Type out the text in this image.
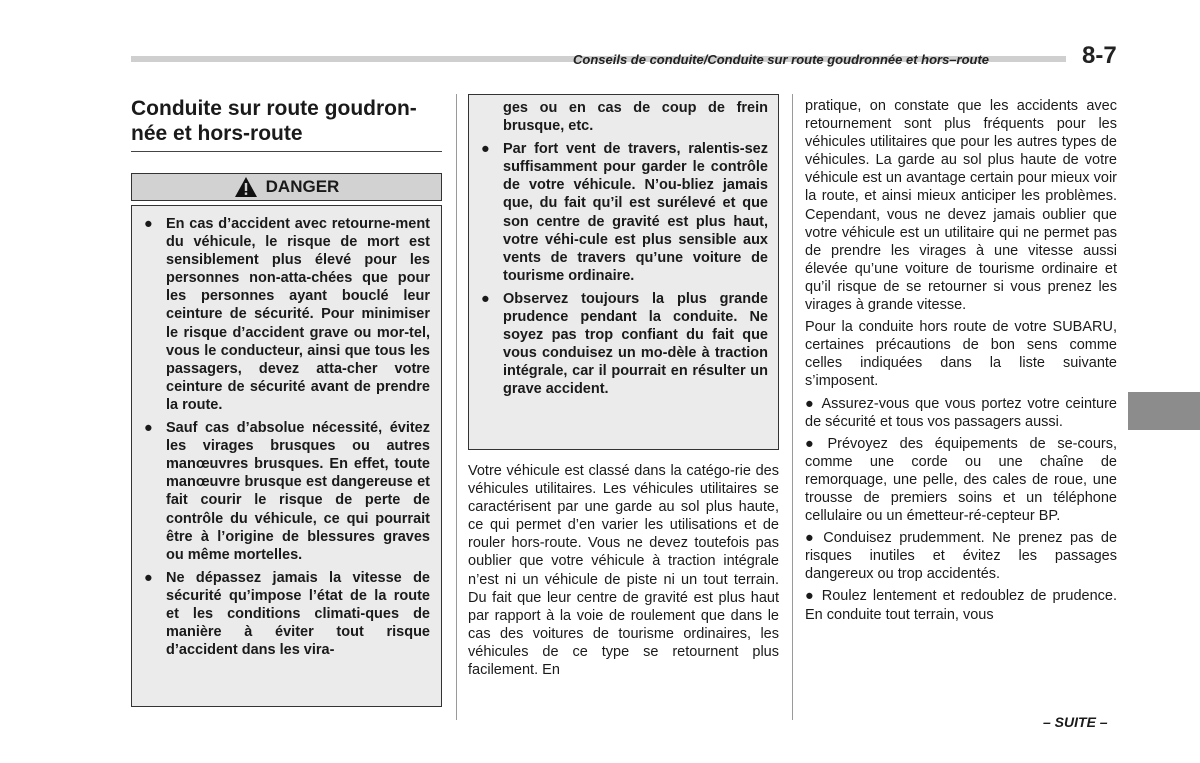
Conseils de conduite/Conduite sur route goudronnée et hors–route	8-7
Conduite sur route goudron-née et hors-route
DANGER
● En cas d’accident avec retourne-ment du véhicule, le risque de mort est sensiblement plus élevé pour les personnes non-atta-chées que pour les personnes ayant bouclé leur ceinture de sécurité. Pour minimiser le risque d’accident grave ou mor-tel, vous le conducteur, ainsi que tous les passagers, devez atta-cher votre ceinture de sécurité avant de prendre la route.
● Sauf cas d’absolue nécessité, évitez les virages brusques ou autres manœuvres brusques. En effet, toute manœuvre brusque est dangereuse et fait courir le risque de perte de contrôle du véhicule, ce qui pourrait être à l’origine de blessures graves ou même mortelles.
● Ne dépassez jamais la vitesse de sécurité qu’impose l’état de la route et les conditions climati-ques de manière à éviter tout risque d’accident dans les vira-
ges ou en cas de coup de frein brusque, etc.
● Par fort vent de travers, ralentis-sez suffisamment pour garder le contrôle de votre véhicule. N’ou-bliez jamais que, du fait qu’il est surélevé et que son centre de gravité est plus haut, votre véhi-cule est plus sensible aux vents de travers qu’une voiture de tourisme ordinaire.
● Observez toujours la plus grande prudence pendant la conduite. Ne soyez pas trop confiant du fait que vous conduisez un mo-dèle à traction intégrale, car il pourrait en résulter un grave accident.

Votre véhicule est classé dans la catégo-rie des véhicules utilitaires. Les véhicules utilitaires se caractérisent par une garde au sol plus haute, ce qui permet d’en varier les utilisations et de rouler hors-route. Vous ne devez toutefois pas oublier que votre véhicule à traction intégrale n’est ni un véhicule de piste ni un tout terrain. Du fait que leur centre de gravité est plus haut par rapport à la voie de roulement que dans le cas des voitures de tourisme ordinaires, les véhicules de ce type se retournent plus facilement. En

pratique, on constate que les accidents avec retournement sont plus fréquents pour les véhicules utilitaires que pour les autres types de véhicules. La garde au sol plus haute de votre véhicule est un avantage certain pour mieux voir la route, et ainsi mieux anticiper les problèmes. Cependant, vous ne devez jamais oublier que votre véhicule est un utilitaire qui ne permet pas de prendre les virages à une vitesse aussi élevée qu’une voiture de tourisme ordinaire et qu’il risque de se retourner si vous prenez les virages à grande vitesse.

Pour la conduite hors route de votre SUBARU, certaines précautions de bon sens comme celles indiquées dans la liste suivante s’imposent.

● Assurez-vous que vous portez votre ceinture de sécurité et tous vos passagers aussi.

● Prévoyez des équipements de se-cours, comme une corde ou une chaîne de remorquage, une pelle, des cales de roue, une trousse de premiers soins et un téléphone cellulaire ou un émetteur-ré-cepteur BP.

● Conduisez prudemment. Ne prenez pas de risques inutiles et évitez les passages dangereux ou trop accidentés.

● Roulez lentement et redoublez de prudence. En conduite tout terrain, vous

– SUITE –
